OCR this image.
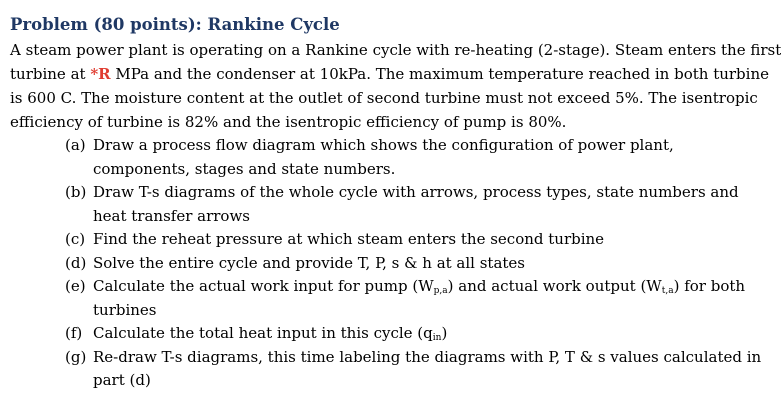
Problem (80 points): Rankine Cycle
A steam power plant is operating on a Rankine cycle with re-heating (2-stage). Steam enters the first
turbine at *R MPa and the condenser at 10kPa. The maximum temperature reached in both turbine
is 600 C. The moisture content at the outlet of second turbine must not exceed 5%. The isentropic
efficiency of turbine is 82% and the isentropic efficiency of pump is 80%.
(a) Draw a process flow diagram which shows the configuration of power plant,
components, stages and state numbers.
(b) Draw T-s diagrams of the whole cycle with arrows, process types, state numbers and
heat transfer arrows
(c) Find the reheat pressure at which steam enters the second turbine
(d) Solve the entire cycle and provide T, P, s & h at all states
(e) Calculate the actual work input for pump $(W_{p,a})$ and actual work output $(W_{t,a})$ for both
turbines
(f) Calculate the total heat input in this cycle $(q_{in})$
(g) Re-draw T-s diagrams, this time labeling the diagrams with P, T & s values calculated in
part (d)
